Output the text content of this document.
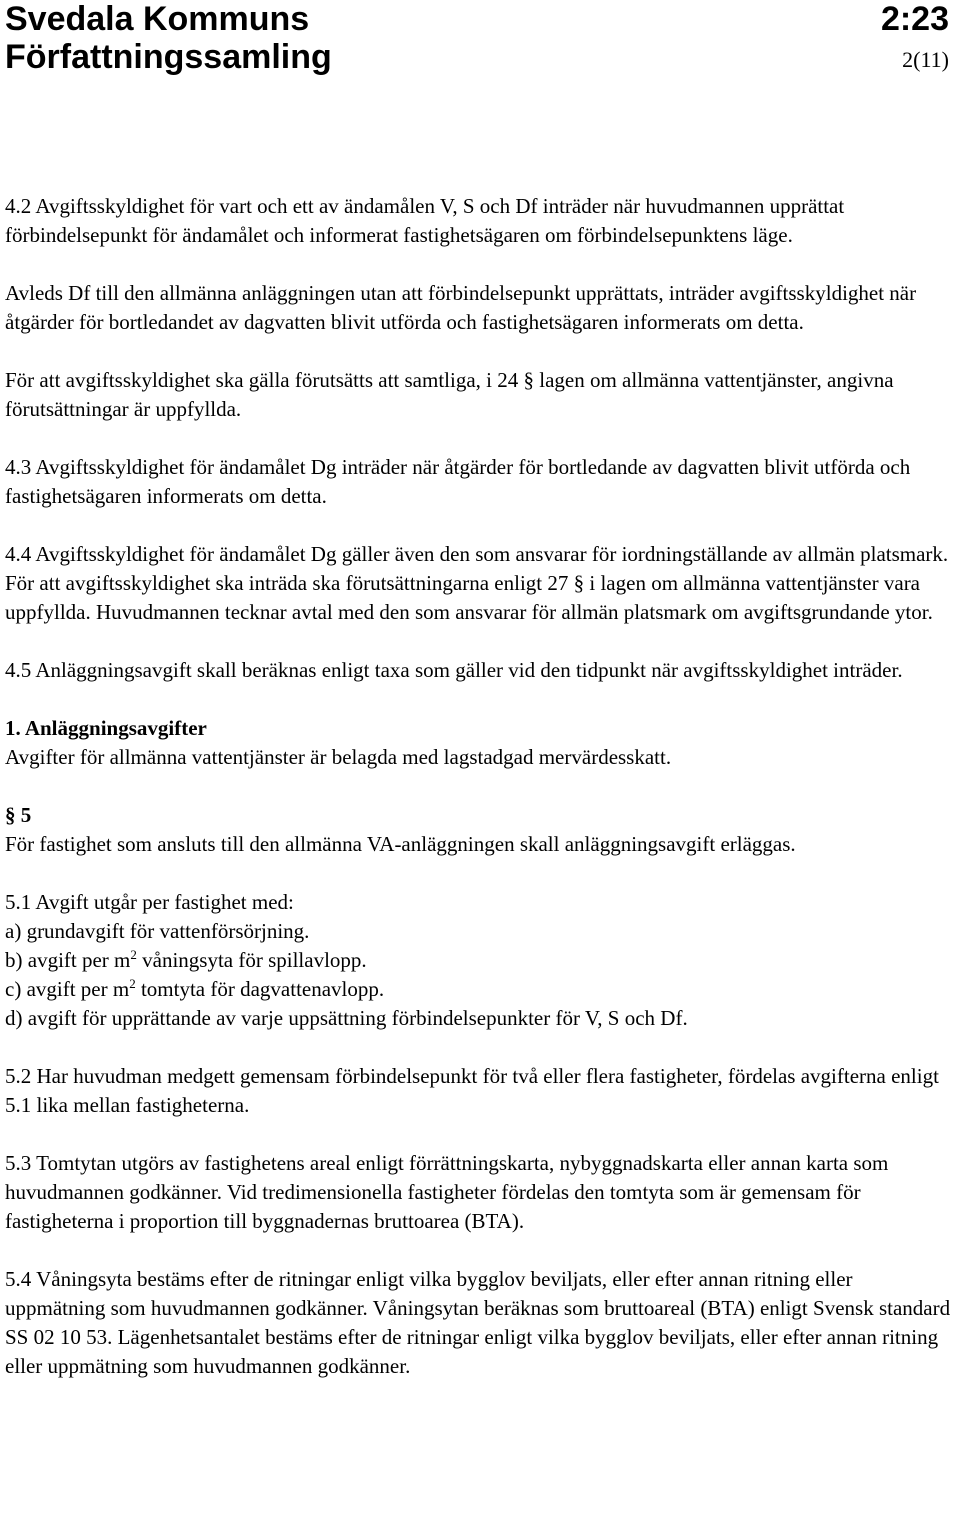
Svedala Kommuns
Författningssamling
2:23
2(11)

4.2 Avgiftsskyldighet för vart och ett av ändamålen V, S och Df inträder när huvudmannen upprättat förbindelsepunkt för ändamålet och informerat fastighetsägaren om förbindelsepunktens läge.

Avleds Df till den allmänna anläggningen utan att förbindelsepunkt upprättats, inträder avgiftsskyldighet när åtgärder för bortledandet av dagvatten blivit utförda och fastighetsägaren informerats om detta.

För att avgiftsskyldighet ska gälla förutsätts att samtliga, i 24 § lagen om allmänna vattentjänster, angivna förutsättningar är uppfyllda.

4.3 Avgiftsskyldighet för ändamålet Dg inträder när åtgärder för bortledande av dagvatten blivit utförda och fastighetsägaren informerats om detta.

4.4 Avgiftsskyldighet för ändamålet Dg gäller även den som ansvarar för iordningställande av allmän platsmark. För att avgiftsskyldighet ska inträda ska förutsättningarna enligt 27 § i lagen om allmänna vattentjänster vara uppfyllda. Huvudmannen tecknar avtal med den som ansvarar för allmän platsmark om avgiftsgrundande ytor.

4.5 Anläggningsavgift skall beräknas enligt taxa som gäller vid den tidpunkt när avgiftsskyldighet inträder.

1. Anläggningsavgifter

Avgifter för allmänna vattentjänster är belagda med lagstadgad mervärdesskatt.

§ 5

För fastighet som ansluts till den allmänna VA-anläggningen skall anläggningsavgift erläggas.

5.1 Avgift utgår per fastighet med:

a) grundavgift för vattenförsörjning.

b) avgift per $m^2$ våningsyta för spillavlopp.

c) avgift per $m^2$ tomtyta för dagvattenavlopp.

d) avgift för upprättande av varje uppsättning förbindelsepunkter för V, S och Df.

5.2 Har huvudman medgett gemensam förbindelsepunkt för två eller flera fastigheter, fördelas avgifterna enligt 5.1 lika mellan fastigheterna.

5.3 Tomtytan utgörs av fastighetens areal enligt förrättningskarta, nybyggnadskarta eller annan karta som huvudmannen godkänner. Vid tredimensionella fastigheter fördelas den tomtyta som är gemensam för fastigheterna i proportion till byggnadernas bruttoarea (BTA).

5.4 Våningsyta bestäms efter de ritningar enligt vilka bygglov beviljats, eller efter annan ritning eller uppmätning som huvudmannen godkänner. Våningsytan beräknas som bruttoareal (BTA) enligt Svensk standard SS 02 10 53. Lägenhetsantalet bestäms efter de ritningar enligt vilka bygglov beviljats, eller efter annan ritning eller uppmätning som huvudmannen godkänner.
